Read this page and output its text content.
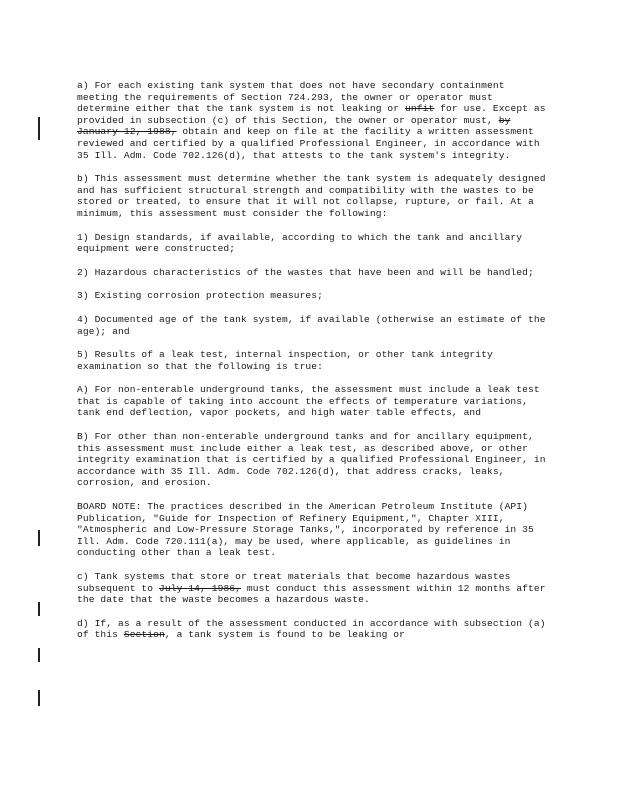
a) For each existing tank system that does not have secondary containment meeting the requirements of Section 724.293, the owner or operator must determine either that the tank system is not leaking or unfit for use. Except as provided in subsection (c) of this Section, the owner or operator must, by January 12, 1988, obtain and keep on file at the facility a written assessment reviewed and certified by a qualified Professional Engineer, in accordance with 35 Ill. Adm. Code 702.126(d), that attests to the tank system's integrity.

b) This assessment must determine whether the tank system is adequately designed and has sufficient structural strength and compatibility with the wastes to be stored or treated, to ensure that it will not collapse, rupture, or fail. At a minimum, this assessment must consider the following:

1) Design standards, if available, according to which the tank and ancillary equipment were constructed;

2) Hazardous characteristics of the wastes that have been and will be handled;

3) Existing corrosion protection measures;

4) Documented age of the tank system, if available (otherwise an estimate of the age); and

5) Results of a leak test, internal inspection, or other tank integrity examination so that the following is true:

A) For non-enterable underground tanks, the assessment must include a leak test that is capable of taking into account the effects of temperature variations, tank end deflection, vapor pockets, and high water table effects, and

B) For other than non-enterable underground tanks and for ancillary equipment, this assessment must include either a leak test, as described above, or other integrity examination that is certified by a qualified Professional Engineer, in accordance with 35 Ill. Adm. Code 702.126(d), that address cracks, leaks, corrosion, and erosion.

BOARD NOTE: The practices described in the American Petroleum Institute (API) Publication, "Guide for Inspection of Refinery Equipment,", Chapter XIII, "Atmospheric and Low-Pressure Storage Tanks,", incorporated by reference in 35 Ill. Adm. Code 720.111(a), may be used, where applicable, as guidelines in conducting other than a leak test.

c) Tank systems that store or treat materials that become hazardous wastes subsequent to July 14, 1986, must conduct this assessment within 12 months after the date that the waste becomes a hazardous waste.

d) If, as a result of the assessment conducted in accordance with subsection (a) of this Section, a tank system is found to be leaking or
